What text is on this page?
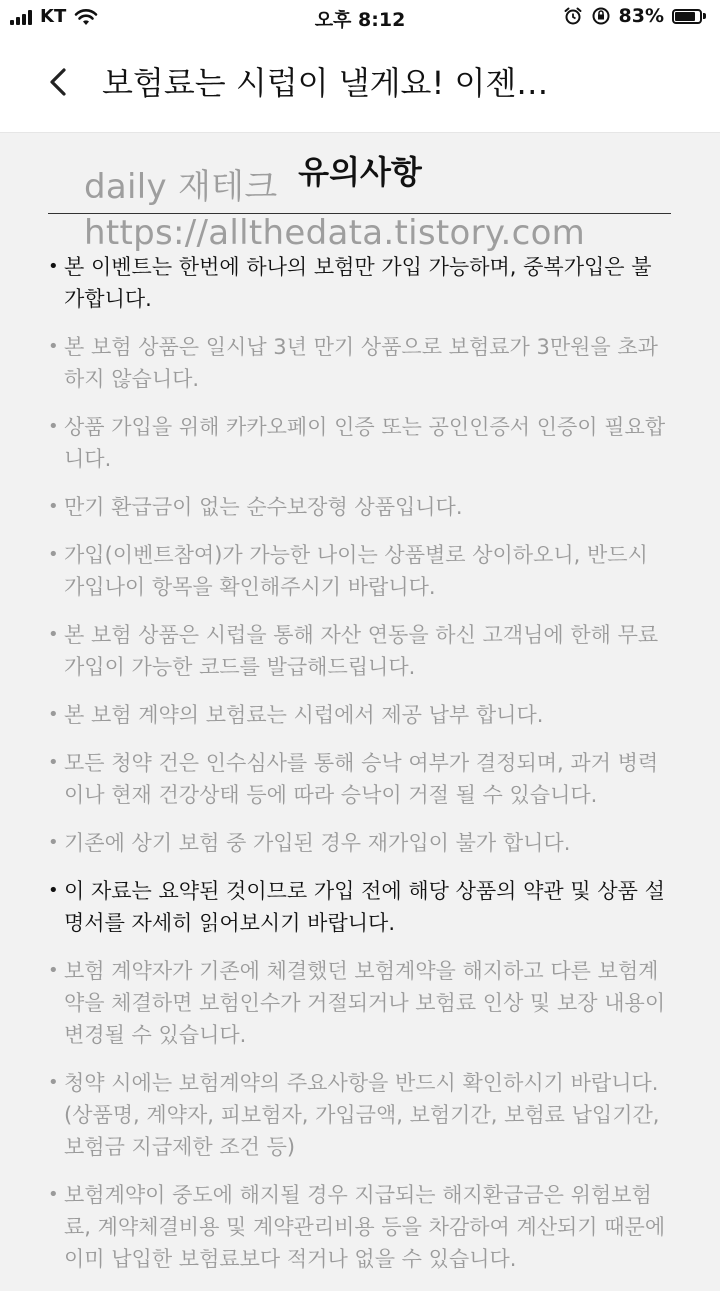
KT	오후 8:12	83%
보험료는 시럽이 낼게요! 이젠…
daily 재테크
https://allthedata.tistory.com
유의사항
• 본 이벤트는 한번에 하나의 보험만 가입 가능하며, 중복가입은 불가합니다.
• 본 보험 상품은 일시납 3년 만기 상품으로 보험료가 3만원을 초과하지 않습니다.
• 상품 가입을 위해 카카오페이 인증 또는 공인인증서 인증이 필요합니다.
• 만기 환급금이 없는 순수보장형 상품입니다.
• 가입(이벤트참여)가 가능한 나이는 상품별로 상이하오니, 반드시 가입나이 항목을 확인해주시기 바랍니다.
• 본 보험 상품은 시럽을 통해 자산 연동을 하신 고객님에 한해 무료 가입이 가능한 코드를 발급해드립니다.
• 본 보험 계약의 보험료는 시럽에서 제공 납부 합니다.
• 모든 청약 건은 인수심사를 통해 승낙 여부가 결정되며, 과거 병력이나 현재 건강상태 등에 따라 승낙이 거절 될 수 있습니다.
• 기존에 상기 보험 중 가입된 경우 재가입이 불가 합니다.
• 이 자료는 요약된 것이므로 가입 전에 해당 상품의 약관 및 상품 설명서를 자세히 읽어보시기 바랍니다.
• 보험 계약자가 기존에 체결했던 보험계약을 해지하고 다른 보험계약을 체결하면 보험인수가 거절되거나 보험료 인상 및 보장 내용이 변경될 수 있습니다.
• 청약 시에는 보험계약의 주요사항을 반드시 확인하시기 바랍니다. (상품명, 계약자, 피보험자, 가입금액, 보험기간, 보험료 납입기간, 보험금 지급제한 조건 등)
• 보험계약이 중도에 해지될 경우 지급되는 해지환급금은 위험보험료, 계약체결비용 및 계약관리비용 등을 차감하여 계산되기 때문에 이미 납입한 보험료보다 적거나 없을 수 있습니다.
